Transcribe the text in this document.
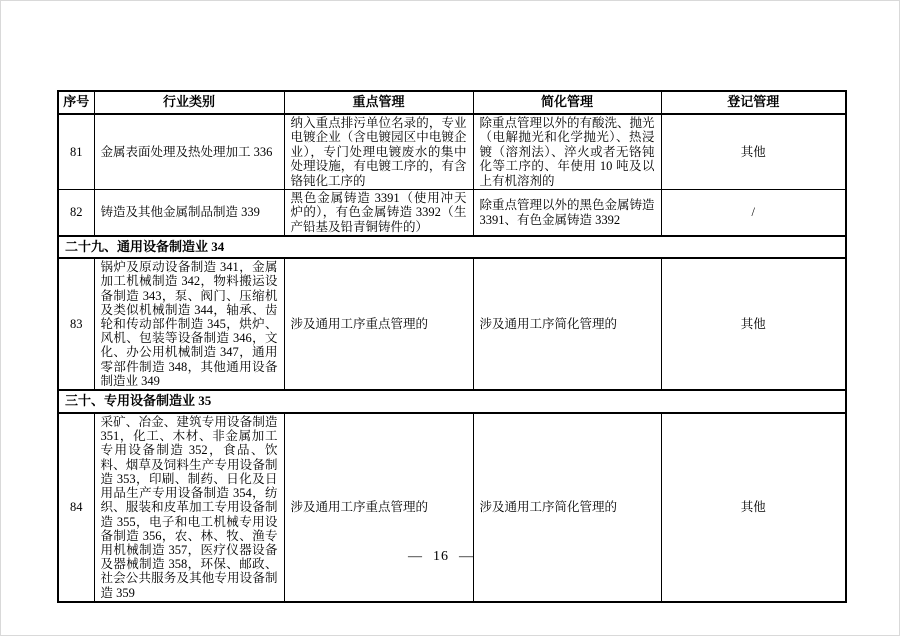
序号	行业类别	重点管理	简化管理	登记管理
81	金属表面处理及热处理加工 336	纳入重点排污单位名录的，专业电镀企业（含电镀园区中电镀企业），专门处理电镀废水的集中处理设施，有电镀工序的，有含铬钝化工序的	除重点管理以外的有酸洗、抛光（电解抛光和化学抛光）、热浸镀（溶剂法）、淬火或者无铬钝化等工序的、年使用 10 吨及以上有机溶剂的	其他
82	铸造及其他金属制品制造 339	黑色金属铸造 3391（使用冲天炉的），有色金属铸造 3392（生产铅基及铅青铜铸件的）	除重点管理以外的黑色金属铸造 3391、有色金属铸造 3392	/
二十九、通用设备制造业 34				
83	锅炉及原动设备制造 341，金属加工机械制造 342，物料搬运设备制造 343，泵、阀门、压缩机及类似机械制造 344，轴承、齿轮和传动部件制造 345，烘炉、风机、包装等设备制造 346，文化、办公用机械制造 347，通用零部件制造 348，其他通用设备制造业 349	涉及通用工序重点管理的	涉及通用工序简化管理的	其他
三十、专用设备制造业 35				
84	采矿、冶金、建筑专用设备制造 351，化工、木材、非金属加工专用设备制造 352，食品、饮料、烟草及饲料生产专用设备制造 353，印刷、制药、日化及日用品生产专用设备制造 354，纺织、服装和皮革加工专用设备制造 355，电子和电工机械专用设备制造 356，农、林、牧、渔专用机械制造 357，医疗仪器设备及器械制造 358，环保、邮政、社会公共服务及其他专用设备制造 359	涉及通用工序重点管理的	涉及通用工序简化管理的	其他
— 16 —
